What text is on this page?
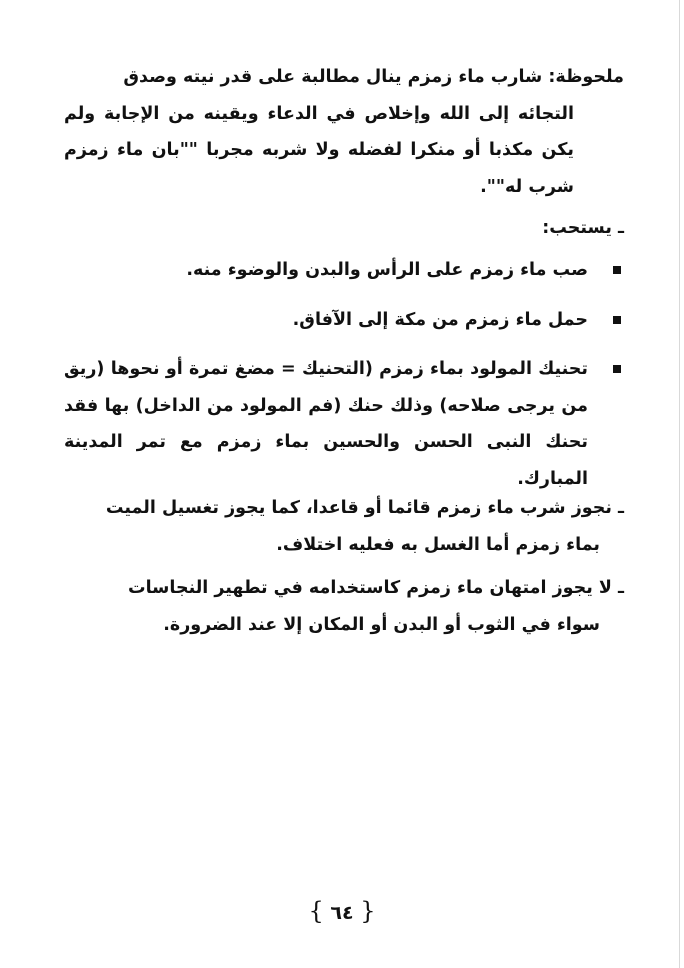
ملحوظة: شارب ماء زمزم ينال مطالبة على قدر نيته وصدق
التجائه إلى الله وإخلاص في الدعاء ويقينه من الإجابة ولم يكن مكذبا أو منكرا لفضله ولا شربه مجربا ""بان ماء زمزم شرب له"".
ـ يستحب:
صب ماء زمزم على الرأس والبدن والوضوء منه.
حمل ماء زمزم من مكة إلى الآفاق.
تحنيك المولود بماء زمزم (التحنيك = مضغ تمرة أو نحوها (ريق من يرجى صلاحه) وذلك حنك (فم المولود من الداخل) بها فقد تحنك النبى الحسن والحسين بماء زمزم مع تمر المدينة المبارك.
ـ نجوز شرب ماء زمزم قائما أو قاعدا، كما يجوز تغسيل الميت
بماء زمزم أما الغسل به فعليه اختلاف.
ـ لا يجوز امتهان ماء زمزم كاستخدامه في تطهير النجاسات
سواء في الثوب أو البدن أو المكان إلا عند الضرورة.
{ ٦٤ }
